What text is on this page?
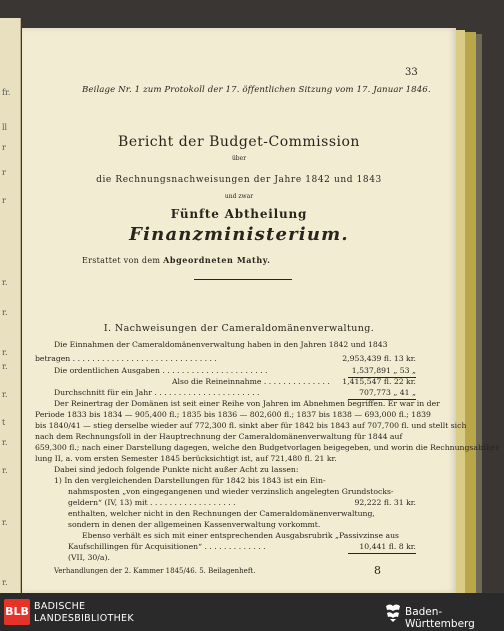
fr.
ll
r
r
r
r.
r.
r.
r.
r.
t
r.
r.
r.
r.
33
Beilage Nr. 1 zum Protokoll der 17. öffentlichen Sitzung vom 17. Januar 1846.
Bericht der Budget-Commission
über
die Rechnungsnachweisungen der Jahre 1842 und 1843
und zwar
Fünfte Abtheilung
Finanzministerium.
Erstattet von dem Abgeordneten Mathy.
I. Nachweisungen der Cameraldomänenverwaltung.
Die Einnahmen der Cameraldomänenverwaltung haben in den Jahren 1842 und 1843
betragen . . . . . . . . . . . . . . . . . . . . . . . . . . . . . .	2,953,439 fl. 13 kr.
Die ordentlichen Ausgaben . . . . . . . . . . . . . . . . . . . . . .	1,537,891 „ 53 „
Also die Reineinnahme . . . . . . . . . . . . . . 1,415,547 fl. 22 kr.
Durchschnitt für ein Jahr . . . . . . . . . . . . . . . . . . . . . .	707,773 „ 41 „
Der Reinertrag der Domänen ist seit einer Reihe von Jahren im Abnehmen begriffen. Er war in der
Periode 1833 bis 1834 — 905,400 fl.; 1835 bis 1836 — 802,600 fl.; 1837 bis 1838 — 693,000 fl.; 1839
bis 1840/41 — stieg derselbe wieder auf 772,300 fl. sinkt aber für 1842 bis 1843 auf 707,700 fl. und stellt sich
nach dem Rechnungsſoll in der Hauptrechnung der Cameraldomänenverwaltung für 1844 auf
659,300 fl.; nach einer Darstellung dagegen, welche den Budgetvorlagen beigegeben, und worin die Rechnungsabthei-
lung II, a. vom ersten Semester 1845 berücksichtigt ist, auf 721,480 fl. 21 kr.
Dabei sind jedoch folgende Punkte nicht außer Acht zu lassen:
1) In den vergleichenden Darstellungen für 1842 bis 1843 ist ein Ein-
nahmsposten „von eingegangenen und wieder verzinslich angelegten Grundstocks-
geldern“ (IV, 13) mit . . . . . . . . . . . . . . . . . .	92,222 fl. 31 kr.
enthalten, welcher nicht in den Rechnungen der Cameraldomänenverwaltung,
sondern in denen der allgemeinen Kassenverwaltung vorkommt.
Ebenso verhält es sich mit einer entsprechenden Ausgabsrubrik „Passivzinse aus
Kaufschillingen für Acquisitionen“ . . . . . . . . . . . . .	10,441 fl. 8 kr.
(VII, 30/a).
Verhandlungen der 2. Kammer 1845/46. 5. Beilagenheft.	8
BLB BADISCHE
LANDESBIBLIOTHEK
Baden-Württemberg
